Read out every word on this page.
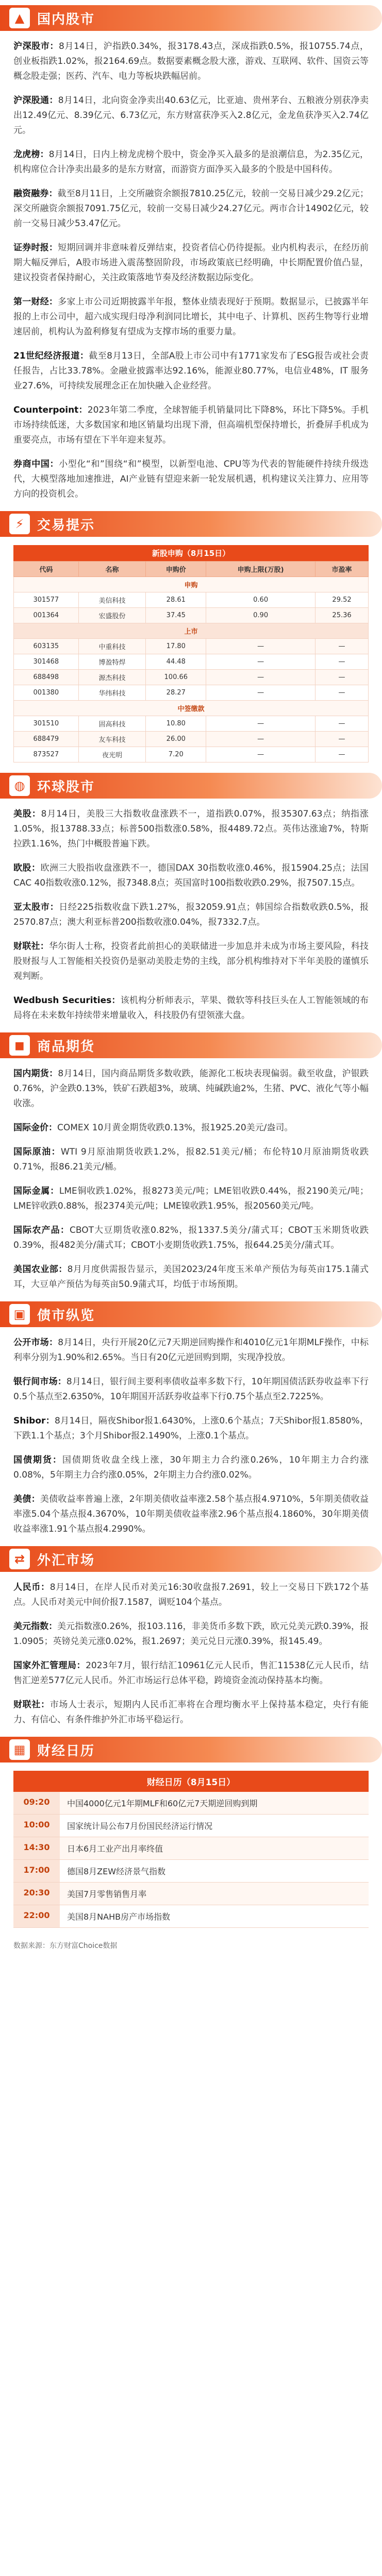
▲ 国内股市

沪深股市：8月14日，沪指跌0.34%，报3178.43点，深成指跌0.5%，报10755.74点，创业板指跌1.02%，报2164.69点。数据要素概念股大涨，游戏、互联网、软件、国资云等概念股走强；医药、汽车、电力等板块跌幅居前。

沪深股通：8月14日，北向资金净卖出40.63亿元，比亚迪、贵州茅台、五粮液分别获净卖出12.49亿元、8.39亿元、6.73亿元，东方财富获净买入2.8亿元，金龙鱼获净买入2.74亿元。

龙虎榜：8月14日，日内上榜龙虎榜个股中，资金净买入最多的是浪潮信息，为2.35亿元，机构席位合计净卖出最多的是东方财富，而游资方面净买入最多的个股是中国科传。

融资融券：截至8月11日，上交所融资余额报7810.25亿元，较前一交易日减少29.2亿元；深交所融资余额报7091.75亿元，较前一交易日减少24.27亿元。两市合计14902亿元，较前一交易日减少53.47亿元。

证券时报：短期回调并非意味着反弹结束，投资者信心仍待提振。业内机构表示，在经历前期大幅反弹后，A股市场进入震荡整固阶段，市场政策底已经明确，中长期配置价值凸显，建议投资者保持耐心，关注政策落地节奏及经济数据边际变化。

第一财经：多家上市公司近期披露半年报，整体业绩表现好于预期。数据显示，已披露半年报的上市公司中，超六成实现归母净利润同比增长，其中电子、计算机、医药生物等行业增速居前，机构认为盈利修复有望成为支撑市场的重要力量。

21世纪经济报道：截至8月13日，全部A股上市公司中有1771家发布了ESG报告或社会责任报告，占比33.78%。金融业披露率达92.16%，能源业80.77%，电信业48%，IT 服务业27.6%，可持续发展理念正在加快融入企业经营。

Counterpoint：2023年第二季度，全球智能手机销量同比下降8%，环比下降5%。手机市场持续低迷，大多数国家和地区销量均出现下滑，但高端机型保持增长，折叠屏手机成为重要亮点，市场有望在下半年迎来复苏。

券商中国：小型化“和”围绕“和”模型，以新型电池、CPU等为代表的智能硬件持续升级迭代，大模型落地加速推进，AI产业链有望迎来新一轮发展机遇，机构建议关注算力、应用等方向的投资机会。

⚡ 交易提示
新股申购（8月15日）
代码	名称	申购价	申购上限(万股)	市盈率
申购				
301577	美信科技	28.61	0.60	29.52
001364	宏盛股份	37.45	0.90	25.36
上市				
603135	中重科技	17.80	—	—
301468	博盈特焊	44.48	—	—
688498	源杰科技	100.66	—	—
001380	华纬科技	28.27	—	—
中签缴款				
301510	固高科技	10.80	—	—
688479	友车科技	26.00	—	—
873527	夜光明	7.20	—	—
◍ 环球股市

美股：8月14日，美股三大指数收盘涨跌不一，道指跌0.07%，报35307.63点；纳指涨1.05%，报13788.33点；标普500指数涨0.58%，报4489.72点。英伟达涨逾7%，特斯拉跌1.16%，热门中概股普遍下跌。

欧股：欧洲三大股指收盘涨跌不一，德国DAX 30指数收涨0.46%，报15904.25点；法国CAC 40指数收涨0.12%，报7348.8点；英国富时100指数收跌0.29%，报7507.15点。

亚太股市：日经225指数收盘下跌1.27%，报32059.91点；韩国综合指数收跌0.5%，报2570.87点；澳大利亚标普200指数收涨0.04%，报7332.7点。

财联社：华尔街人士称，投资者此前担心的美联储进一步加息并未成为市场主要风险，科技股财报与人工智能相关投资仍是驱动美股走势的主线，部分机构维持对下半年美股的谨慎乐观判断。

Wedbush Securities：该机构分析师表示，苹果、微软等科技巨头在人工智能领域的布局将在未来数年持续带来增量收入，科技股仍有望领涨大盘。

◼ 商品期货

国内期货：8月14日，国内商品期货多数收跌，能源化工板块表现偏弱。截至收盘，沪银跌0.76%，沪金跌0.13%，铁矿石跌超3%，玻璃、纯碱跌逾2%，生猪、PVC、液化气等小幅收涨。

国际金价：COMEX 10月黄金期货收跌0.13%，报1925.20美元/盎司。

国际原油：WTI 9月原油期货收跌1.2%，报82.51美元/桶；布伦特10月原油期货收跌0.71%，报86.21美元/桶。

国际金属：LME铜收跌1.02%，报8273美元/吨；LME铝收跌0.44%，报2190美元/吨；LME锌收跌0.88%，报2374美元/吨；LME镍收跌1.95%，报20560美元/吨。

国际农产品：CBOT大豆期货收涨0.82%，报1337.5美分/蒲式耳；CBOT玉米期货收跌0.39%，报482美分/蒲式耳；CBOT小麦期货收跌1.75%，报644.25美分/蒲式耳。

美国农业部：8月月度供需报告显示，美国2023/24年度玉米单产预估为每英亩175.1蒲式耳，大豆单产预估为每英亩50.9蒲式耳，均低于市场预期。

▣ 债市纵览

公开市场：8月14日，央行开展20亿元7天期逆回购操作和4010亿元1年期MLF操作，中标利率分别为1.90%和2.65%。当日有20亿元逆回购到期，实现净投放。

银行间市场：8月14日，银行间主要利率债收益率多数下行，10年期国债活跃券收益率下行0.5个基点至2.6350%，10年期国开活跃券收益率下行0.75个基点至2.7225%。

Shibor：8月14日，隔夜Shibor报1.6430%，上涨0.6个基点；7天Shibor报1.8580%，下跌1.1个基点；3个月Shibor报2.1490%，上涨0.1个基点。

国债期货：国债期货收盘全线上涨，30年期主力合约涨0.26%，10年期主力合约涨0.08%，5年期主力合约涨0.05%，2年期主力合约涨0.02%。

美债：美债收益率普遍上涨，2年期美债收益率涨2.58个基点报4.9710%，5年期美债收益率涨5.04个基点报4.3670%，10年期美债收益率涨2.96个基点报4.1860%，30年期美债收益率涨1.91个基点报4.2990%。

⇄ 外汇市场

人民币：8月14日，在岸人民币对美元16:30收盘报7.2691，较上一交易日下跌172个基点。人民币对美元中间价报7.1587，调贬104个基点。

美元指数：美元指数涨0.26%，报103.116，非美货币多数下跌，欧元兑美元跌0.39%，报1.0905；英镑兑美元涨0.02%，报1.2697；美元兑日元涨0.39%，报145.49。

国家外汇管理局：2023年7月，银行结汇10961亿元人民币，售汇11538亿元人民币，结售汇逆差577亿元人民币。外汇市场运行总体平稳，跨境资金流动保持基本均衡。

财联社：市场人士表示，短期内人民币汇率将在合理均衡水平上保持基本稳定，央行有能力、有信心、有条件维护外汇市场平稳运行。

▦ 财经日历
财经日历（8月15日）
09:20	中国4000亿元1年期MLF和60亿元7天期逆回购到期
10:00	国家统计局公布7月份国民经济运行情况
14:30	日本6月工业产出月率终值
17:00	德国8月ZEW经济景气指数
20:30	美国7月零售销售月率
22:00	美国8月NAHB房产市场指数
数据来源：东方财富Choice数据
